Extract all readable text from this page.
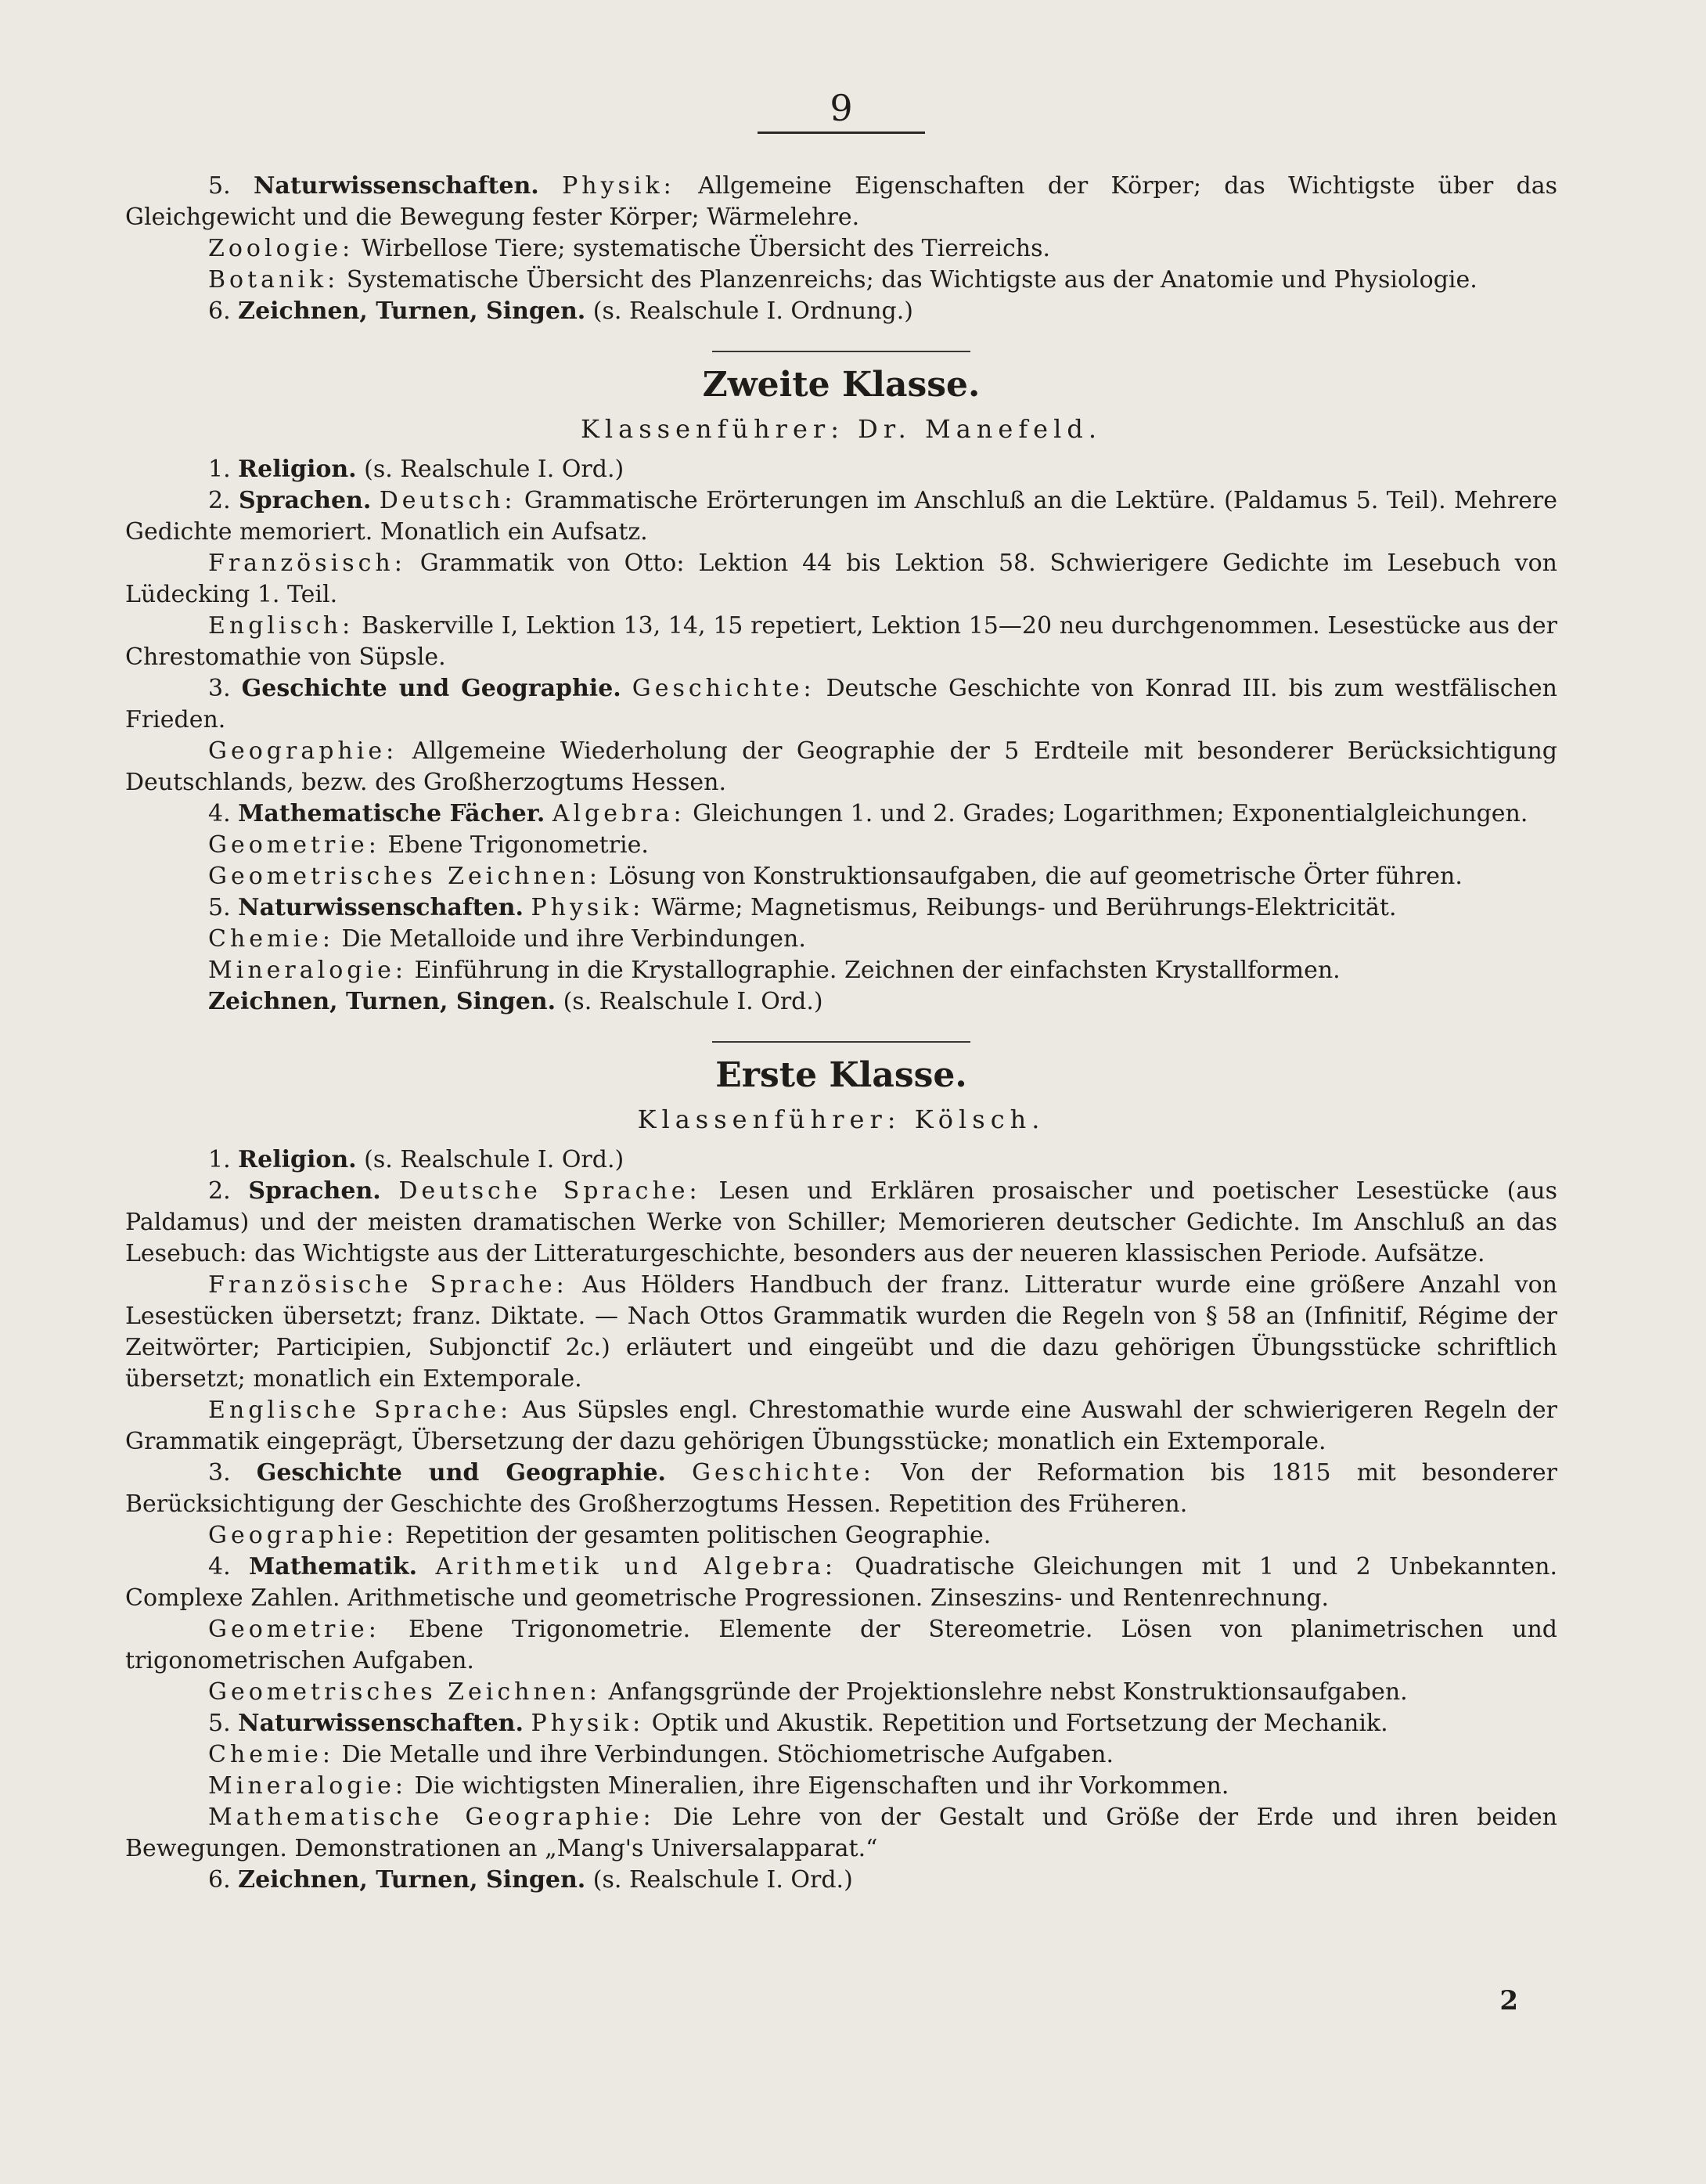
9

5. Naturwissenschaften. Physik: Allgemeine Eigenschaften der Körper; das Wichtigste über das Gleichgewicht und die Bewegung fester Körper; Wärmelehre.

Zoologie: Wirbellose Tiere; systematische Übersicht des Tierreichs.

Botanik: Systematische Übersicht des Planzenreichs; das Wichtigste aus der Anatomie und Physiologie.

6. Zeichnen, Turnen, Singen. (s. Realschule I. Ordnung.)

Zweite Klasse.
Klassenführer: Dr. Manefeld.

1. Religion. (s. Realschule I. Ord.)

2. Sprachen. Deutsch: Grammatische Erörterungen im Anschluß an die Lektüre. (Paldamus 5. Teil). Mehrere Gedichte memoriert. Monatlich ein Aufsatz.

Französisch: Grammatik von Otto: Lektion 44 bis Lektion 58. Schwierigere Gedichte im Lesebuch von Lüdecking 1. Teil.

Englisch: Baskerville I, Lektion 13, 14, 15 repetiert, Lektion 15—20 neu durchgenommen. Lesestücke aus der Chrestomathie von Süpsle.

3. Geschichte und Geographie. Geschichte: Deutsche Geschichte von Konrad III. bis zum westfälischen Frieden.

Geographie: Allgemeine Wiederholung der Geographie der 5 Erdteile mit besonderer Berücksichtigung Deutschlands, bezw. des Großherzogtums Hessen.

4. Mathematische Fächer. Algebra: Gleichungen 1. und 2. Grades; Logarithmen; Exponentialgleichungen.

Geometrie: Ebene Trigonometrie.

Geometrisches Zeichnen: Lösung von Konstruktionsaufgaben, die auf geometrische Örter führen.

5. Naturwissenschaften. Physik: Wärme; Magnetismus, Reibungs- und Berührungs-Elektricität.

Chemie: Die Metalloide und ihre Verbindungen.

Mineralogie: Einführung in die Krystallographie. Zeichnen der einfachsten Krystallformen.

Zeichnen, Turnen, Singen. (s. Realschule I. Ord.)

Erste Klasse.
Klassenführer: Kölsch.

1. Religion. (s. Realschule I. Ord.)

2. Sprachen. Deutsche Sprache: Lesen und Erklären prosaischer und poetischer Lesestücke (aus Paldamus) und der meisten dramatischen Werke von Schiller; Memorieren deutscher Gedichte. Im Anschluß an das Lesebuch: das Wichtigste aus der Litteraturgeschichte, besonders aus der neueren klassischen Periode. Aufsätze.

Französische Sprache: Aus Hölders Handbuch der franz. Litteratur wurde eine größere Anzahl von Lesestücken übersetzt; franz. Diktate. — Nach Ottos Grammatik wurden die Regeln von § 58 an (Infinitif, Régime der Zeitwörter; Participien, Subjonctif 2c.) erläutert und eingeübt und die dazu gehörigen Übungsstücke schriftlich übersetzt; monatlich ein Extemporale.

Englische Sprache: Aus Süpsles engl. Chrestomathie wurde eine Auswahl der schwierigeren Regeln der Grammatik eingeprägt, Übersetzung der dazu gehörigen Übungsstücke; monatlich ein Extemporale.

3. Geschichte und Geographie. Geschichte: Von der Reformation bis 1815 mit besonderer Berücksichtigung der Geschichte des Großherzogtums Hessen. Repetition des Früheren.

Geographie: Repetition der gesamten politischen Geographie.

4. Mathematik. Arithmetik und Algebra: Quadratische Gleichungen mit 1 und 2 Unbekannten. Complexe Zahlen. Arithmetische und geometrische Progressionen. Zinseszins- und Rentenrechnung.

Geometrie: Ebene Trigonometrie. Elemente der Stereometrie. Lösen von planimetrischen und trigonometrischen Aufgaben.

Geometrisches Zeichnen: Anfangsgründe der Projektionslehre nebst Konstruktionsaufgaben.

5. Naturwissenschaften. Physik: Optik und Akustik. Repetition und Fortsetzung der Mechanik.

Chemie: Die Metalle und ihre Verbindungen. Stöchiometrische Aufgaben.

Mineralogie: Die wichtigsten Mineralien, ihre Eigenschaften und ihr Vorkommen.

Mathematische Geographie: Die Lehre von der Gestalt und Größe der Erde und ihren beiden Bewegungen. Demonstrationen an „Mang's Universalapparat.“

6. Zeichnen, Turnen, Singen. (s. Realschule I. Ord.)

2
